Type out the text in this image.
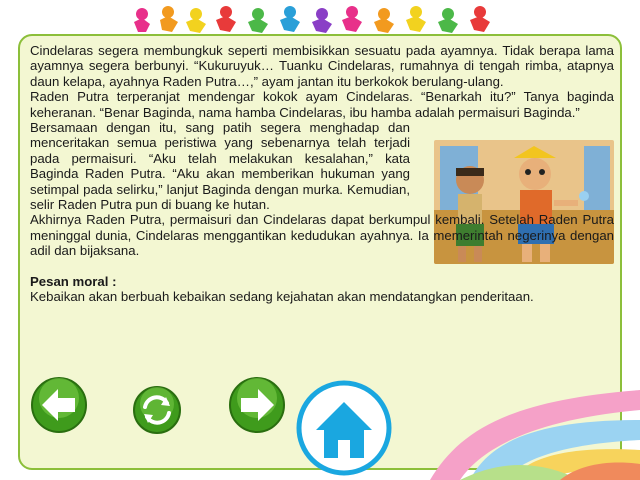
Cindelaras segera membungkuk seperti membisikkan sesuatu pada ayamnya. Tidak berapa lama ayamnya segera berbunyi. “Kukuruyuk… Tuanku Cindelaras, rumahnya di tengah rimba, atapnya daun kelapa, ayahnya Raden Putra…,” ayam jantan itu berkokok berulang-ulang.

Raden Putra terperanjat mendengar kokok ayam Cindelaras. “Benarkah itu?” Tanya baginda keheranan. “Benar Baginda, nama hamba Cindelaras, ibu hamba adalah permaisuri Baginda.”

Bersamaan dengan itu, sang patih segera menghadap dan menceritakan semua peristiwa yang sebenarnya telah terjadi pada permaisuri. “Aku telah melakukan kesalahan,” kata Baginda Raden Putra. “Aku akan memberikan hukuman yang setimpal pada selirku,” lanjut Baginda dengan murka. Kemudian, selir Raden Putra pun di buang ke hutan.

Akhirnya Raden Putra, permaisuri dan Cindelaras dapat berkumpul kembali. Setelah Raden Putra meninggal dunia, Cindelaras menggantikan kedudukan ayahnya. Ia memerintah negerinya dengan adil dan bijaksana.

Pesan moral :

Kebaikan akan berbuah kebaikan sedang kejahatan akan mendatangkan penderitaan.
